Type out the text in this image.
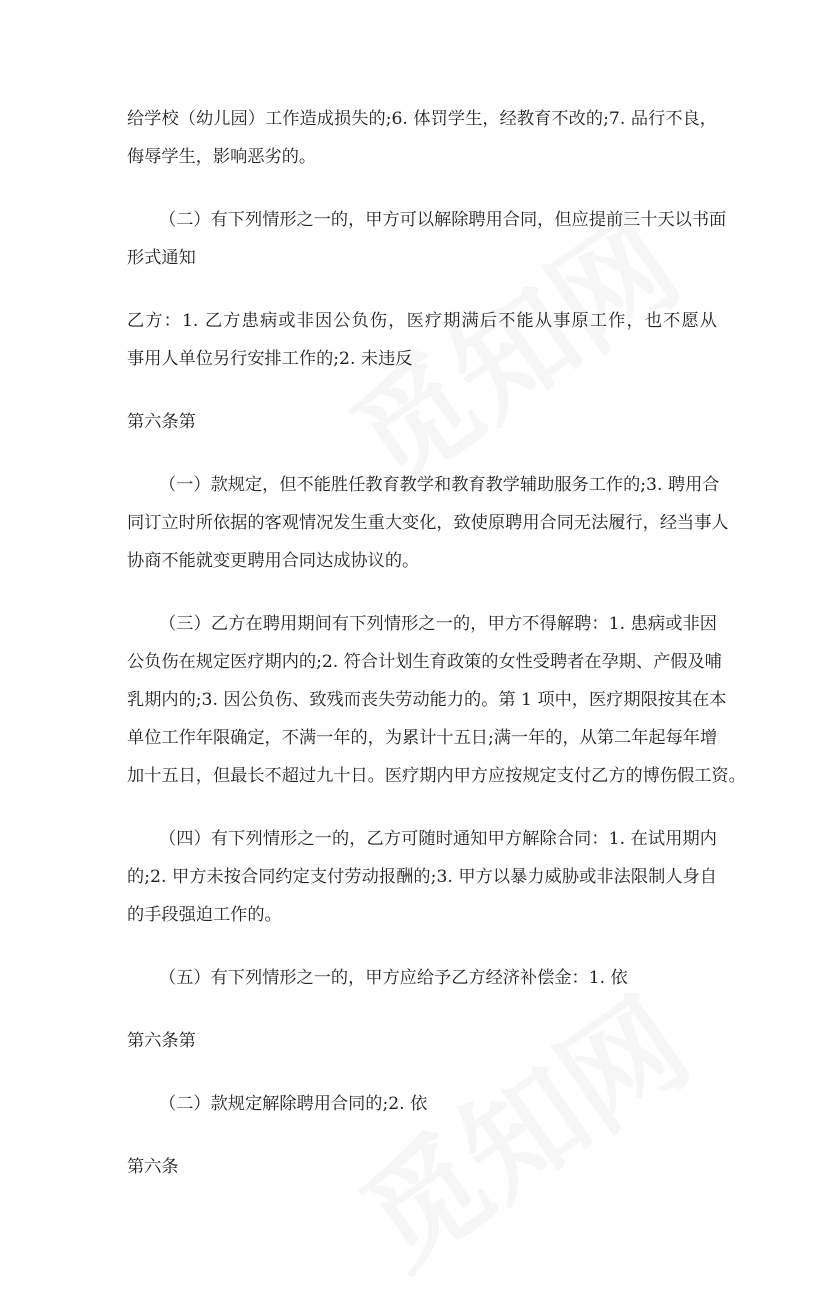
给学校（幼儿园）工作造成损失的;6. 体罚学生，经教育不改的;7. 品行不良，
侮辱学生，影响恶劣的。
（二）有下列情形之一的，甲方可以解除聘用合同，但应提前三十天以书面
形式通知
乙方：1. 乙方患病或非因公负伤，医疗期满后不能从事原工作，也不愿从
事用人单位另行安排工作的;2. 未违反
第六条第
（一）款规定，但不能胜任教育教学和教育教学辅助服务工作的;3. 聘用合
同订立时所依据的客观情况发生重大变化，致使原聘用合同无法履行，经当事人
协商不能就变更聘用合同达成协议的。
（三）乙方在聘用期间有下列情形之一的，甲方不得解聘：1. 患病或非因
公负伤在规定医疗期内的;2. 符合计划生育政策的女性受聘者在孕期、产假及哺
乳期内的;3. 因公负伤、致残而丧失劳动能力的。第 1 项中，医疗期限按其在本
单位工作年限确定，不满一年的，为累计十五日;满一年的，从第二年起每年增
加十五日，但最长不超过九十日。医疗期内甲方应按规定支付乙方的博伤假工资。
（四）有下列情形之一的，乙方可随时通知甲方解除合同：1. 在试用期内
的;2. 甲方未按合同约定支付劳动报酬的;3. 甲方以暴力威胁或非法限制人身自
的手段强迫工作的。
（五）有下列情形之一的，甲方应给予乙方经济补偿金：1. 依
第六条第
（二）款规定解除聘用合同的;2. 依
第六条
